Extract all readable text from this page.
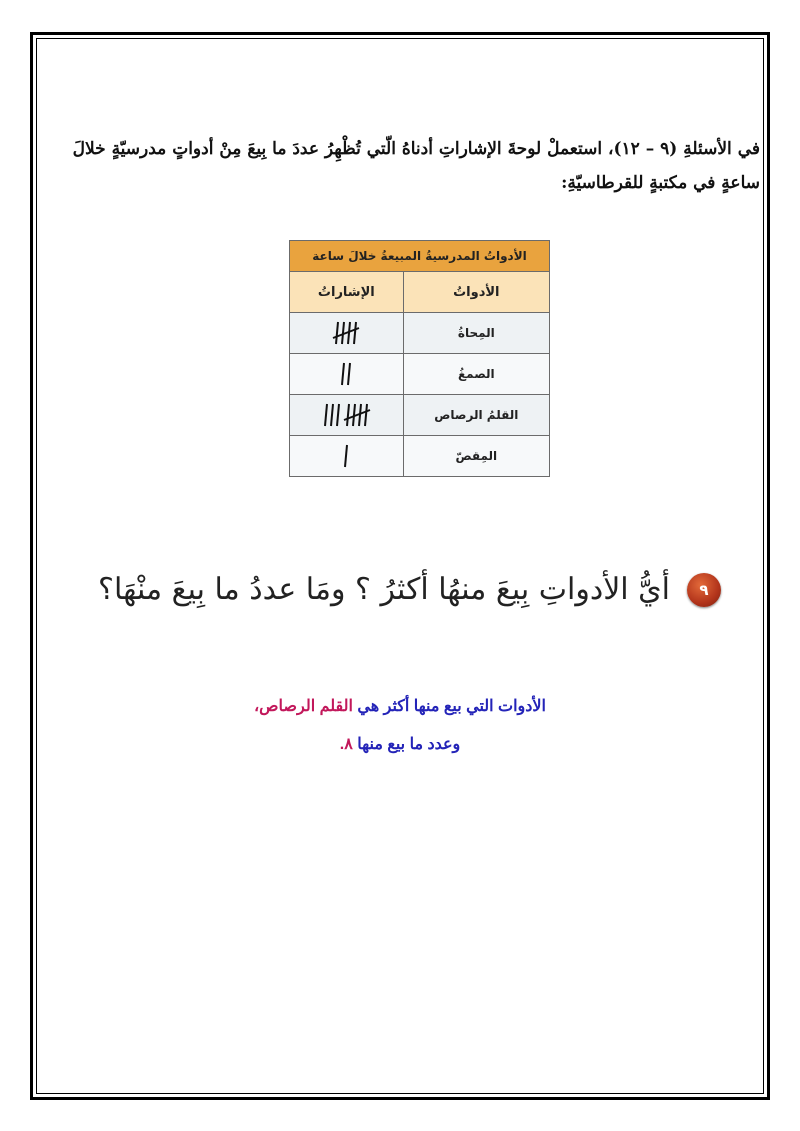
في الأسئلةِ (٩ – ١٢)، استعملْ لوحةَ الإشاراتِ أدناهُ الّتي تُظْهِرُ عددَ ما بِيعَ مِنْ أدواتٍ مدرسيّةٍ خلالَ ساعةٍ في مكتبةٍ للقرطاسيّةِ:
الأدواتُ المدرسيةُ المبيعةُ خلالَ ساعة	
الأدواتُ	الإشاراتُ
المِحاةُ	

الصمغُ	

القلمُ الرصاص	

المِقصّ	
٩
أيُّ الأدواتِ بِيعَ منهُا أكثرُ ؟ ومَا عددُ ما بِيعَ منْهَا؟
الأدوات التي بيع منها أكثر هي القلم الرصاص،
وعدد ما بيع منها ٨.
